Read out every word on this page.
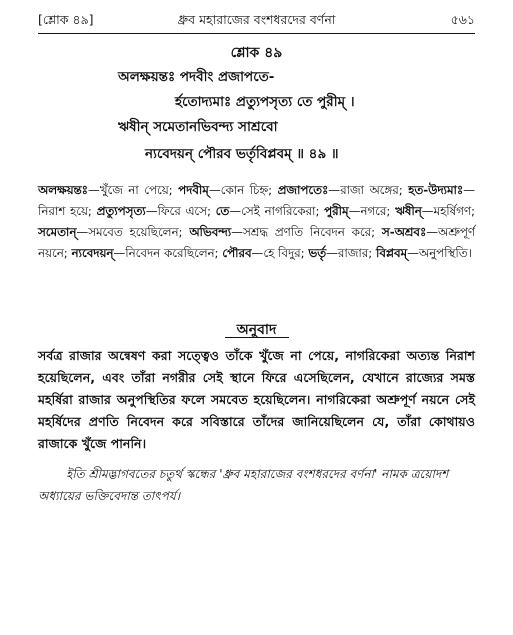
[শ্লোক ৪৯]	ধ্রুব মহারাজের বংশধরদের বর্ণনা	৫৬১
শ্লোক ৪৯
অলক্ষয়ন্তঃ পদবীং প্রজাপতে-
র্হতোদ্যমাঃ প্রত্যুপসৃত্য তে পুরীম্ ।
ঋষীন্ সমেতানভিবন্দ্য সাশ্রবো
ন্যবেদয়ন্ পৌরব ভর্তৃবিপ্লবম্ ॥ ৪৯ ॥
অলক্ষয়ন্তঃ—খুঁজে না পেয়ে; পদবীম্—কোন চিহ্ন; প্রজাপতেঃ—রাজা অঙ্গের; হত-উদ্যমাঃ—নিরাশ হয়ে; প্রত্যুপসৃত্য—ফিরে এসে; তে—সেই নাগরিকেরা; পুরীম্—নগরে; ঋষীন্—মহর্ষিগণ; সমেতান্—সমবেত হয়েছিলেন; অভিবন্দ্য—সশ্রদ্ধ প্রণতি নিবেদন করে; স-অশ্রবঃ—অশ্রুপূর্ণ নয়নে; ন্যবেদয়ন্—নিবেদন করেছিলেন; পৌরব—হে বিদুর; ভর্তৃ—রাজার; বিপ্লবম্—অনুপস্থিতি।
অনুবাদ
সর্বত্র রাজার অন্বেষণ করা সত্ত্বেও তাঁকে খুঁজে না পেয়ে, নাগরিকেরা অত্যন্ত নিরাশ হয়েছিলেন, এবং তাঁরা নগরীর সেই স্থানে ফিরে এসেছিলেন, যেখানে রাজ্যের সমস্ত মহর্ষিরা রাজার অনুপস্থিতির ফলে সমবেত হয়েছিলেন। নাগরিকেরা অশ্রুপূর্ণ নয়নে সেই মহর্ষিদের প্রণতি নিবেদন করে সবিস্তারে তাঁদের জানিয়েছিলেন যে, তাঁরা কোথায়ও রাজাকে খুঁজে পাননি।
ইতি শ্রীমদ্ভাগবতের চতুর্থ স্কন্ধের 'ধ্রুব মহারাজের বংশধরদের বর্ণনা' নামক ত্রয়োদশ অধ্যায়ের ভক্তিবেদান্ত তাৎপর্য।
